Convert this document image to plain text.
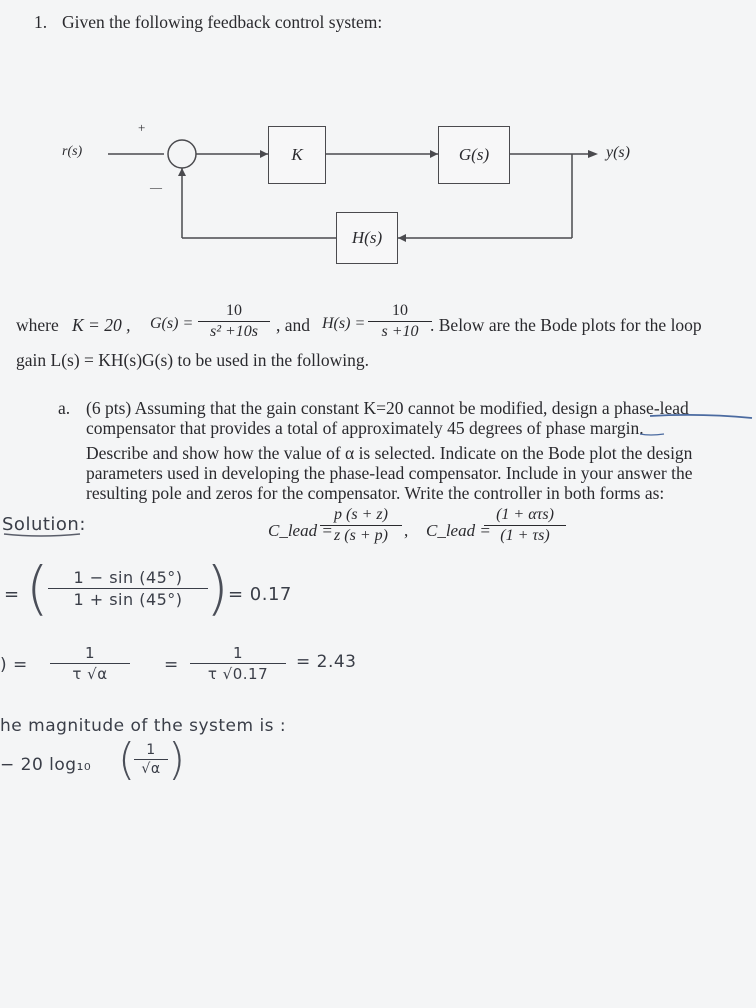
1. Given the following feedback control system:
r(s)	y(s)
+
—
K	G(s)
H(s)
where K = 20 , $G(s) = \frac{10}{\text{s² +10s}}$ , and $H(s) = \frac{10}{s +10}$
. Below are the Bode plots for the loop
gain L(s) = KH(s)G(s) to be used in the following.
a. (6 pts) Assuming that the gain constant K=20 cannot be modified, design a phase-lead
compensator that provides a total of approximately 45 degrees of phase margin.
Describe and show how the value of α is selected. Indicate on the Bode plot the design
parameters used in developing the phase-lead compensator. Include in your answer the
resulting pole and zeros for the compensator. Write the controller in both forms as:
C_lead =
$\frac{p (s + z)}{z (s + p)}$ , C_lead =
(1 + ατs)
(1 + τs)
Solution:
= (
$\frac{1 - \sin (45^\circ)}{1 + \sin (45^\circ)}$
)
= 0.17
) = $\frac{1}{\tau √\alpha} = \frac{1}{\tau √0.17} = 2.43$
he magnitude of the system is :
− 20 log₁₀ (
$\frac{1}{√\alpha}$ )
